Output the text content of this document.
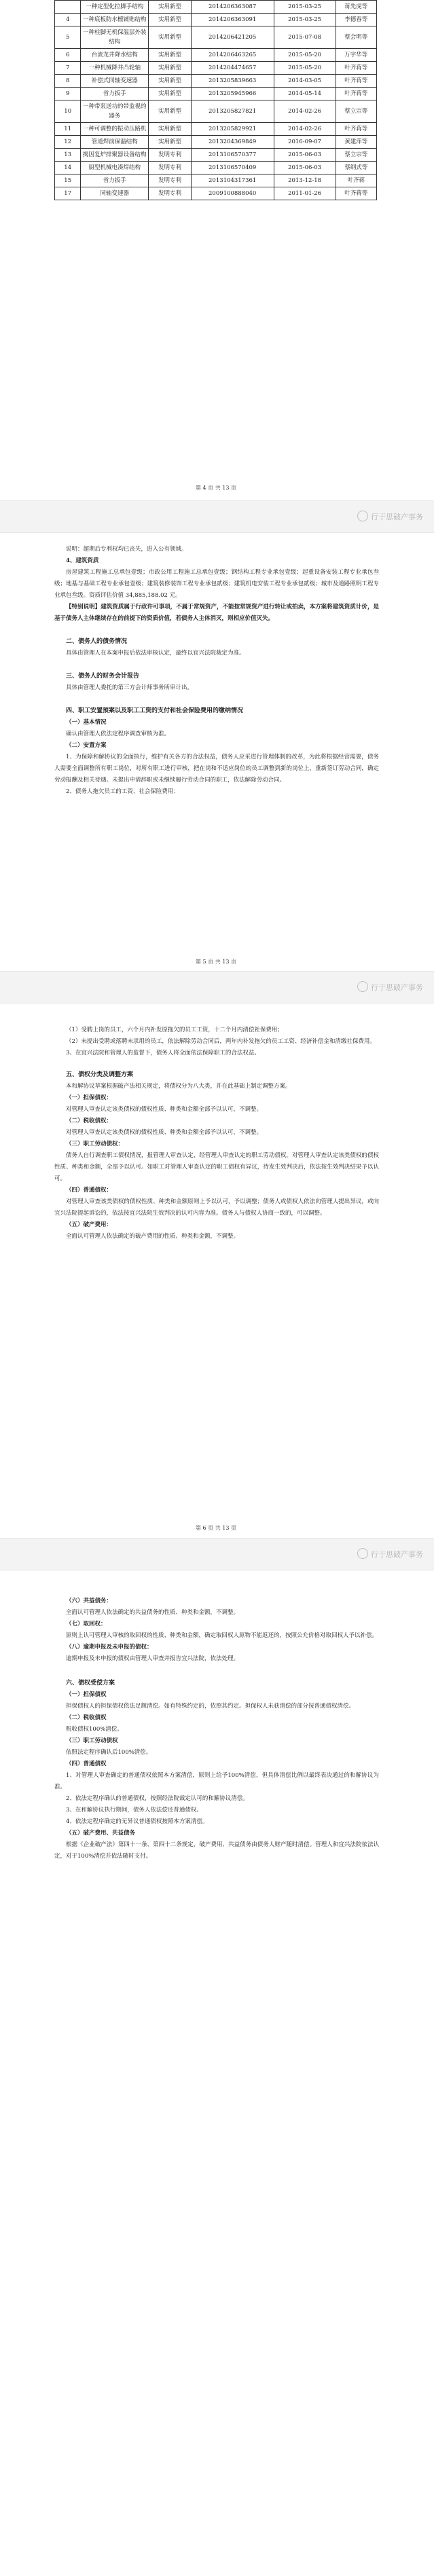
	一种定型化拉脚手结构	实用新型	2014206363087	2015-03-25	蒋先虎等
4	一种底板防水檩铺贴结构	实用新型	2014206363091	2015-03-25	李德春等
5	一种柱脚无机保温层外装结构	实用新型	2014206421205	2015-07-08	蔡会明等
6	台流龙井降水结构	实用新型	2014206463265	2015-05-20	万宇华等
7	一种机械降井凸轮轴	实用新型	2014204474657	2015-05-20	叶齐蒋等
8	补偿式同轴变速器	实用新型	2013205839663	2014-03-05	叶齐蒋等
9	省力扳手	实用新型	2013205945966	2014-05-14	叶齐蒋等
10	一种带泵送功的带监视的器务	实用新型	2013205827821	2014-02-26	蔡立宗等
11	一种可调整的振动压路机	实用新型	2013205829921	2014-02-26	叶齐蒋等
12	管道焊前保温结构	实用新型	2013204369849	2016-09-07	黄建萍等
13	揭因复炉排聚器设备结构	发明专利	2013106570377	2015-06-03	蔡立宗等
14	厨型机械电凑焊结构	发明专利	2013106570409	2015-06-03	蔡纲式等
15	省力扳手	发明专利	2013104317361	2013-12-18	叶齐蒋
17	同轴变速器	发明专利	2009100888040	2011-01-26	叶齐蒋等
第 4 页 共 13 页
行于思破产事务

说明：超期后专利权均已丧失，进入公有领域。

4、建筑资质

房屋建筑工程施工总承包壹级；市政公用工程施工总承包壹级；钢结构工程专业承包壹级；起重设备安装工程专业承包叁级；地基与基础工程专业承包壹级；建筑装修装饰工程专业承包贰级；建筑机电安装工程专业承包贰级；城市及道路照明工程专业承包叁级。资质评估价值 34,885,188.02 元。

【特别说明】建筑资质属于行政许可事项，不属于常规资产，不能按常规资产进行转让或拍卖，本方案将建筑资质计价，是基于债务人主体继续存在的前提下的资质价值，若债务人主体消灭，则相应价值灭失。

二、债务人的债务情况

具体由管理人在本案申报后依法审核认定，最终以宜兴法院裁定为准。

三、债务人的财务会计报告

具体由管理人委托的第三方会计师事务所审计出。

四、职工安置预案以及职工工资的支付和社会保险费用的缴纳情况

（一）基本情况

确认由管理人依法定程序调查审核为准。

（二）安置方案

1、为保障和解协议的全面执行，维护有关各方的合法权益，债务人应采进行管理体制的改革，为此将根据经营需要，债务人需要全面调整所有职工岗位，对所有职工进行审核，把在岗和不适应岗位的员工调整到新的岗位上，重新签订劳动合同，确定劳动报酬及相关待遇。未提出申请辞职或未继续履行劳动合同的职工，依法解除劳动合同。

2、债务人拖欠员工的工资、社会保险费用：

第 5 页 共 13 页
行于思破产事务

（1）受聘上岗的员工，六个月内补发原拖欠的员工工资，十二个月内清偿社保费用；

（2）未提出受聘或落聘未录用的员工，依法解除劳动合同后，两年内补发拖欠的员工工资、经济补偿金和清缴社保费用。

3、在宜兴法院和管理人的监督下，债务人将全面依法保障职工的合法权益。

五、债权分类及调整方案

本和解协议草案根据破产法相关规定，将债权分为八大类，并在此基础上制定调整方案。

（一）担保债权：

对管理人审查认定该类债权的债权性质、种类和金额全部予以认可，不调整。

（二）税收债权：

对管理人审查认定该类债权的债权性质、种类和金额全部予以认可，不调整。

（三）职工劳动债权：

债务人自行调查职工债权情况，报管理人审查认定，经管理人审查认定的职工劳动债权，对管理人审查认定该类债权的债权性质、种类和金额，全部予以认可。如职工对管理人审查认定的职工债权有异议，待发生效判决后，依法按生效判决结果予以认可。

（四）普通债权：

对管理人审查该类债权的债权性质、种类和金额原则上予以认可，予以调整；债务人或债权人依法向管理人提出异议，或向宜兴法院提起诉讼的，依法按宜兴法院生效判决的认可内容为准。债务人与债权人协商一致的，可以调整。

（五）破产费用：

全面认可管理人依法确定的破产费用的性质、种类和金额，不调整。

第 6 页 共 13 页
行于思破产事务

（六）共益债务：

全面认可管理人依法确定的共益债务的性质、种类和金额，不调整。

（七）取回权：

原则上认可管理人审核的取回权的性质、种类和金额，确定取回权人原物不能返还的，按照公允价格对取回权人予以补偿。

（八）逾期申报及未申报的债权：

逾期申报及未申报的债权由管理人审查并报告宜兴法院，依法处理。

六、债权受偿方案

（一）担保债权

担保债权人的担保债权依法足额清偿。如有特殊约定的，依照其约定。担保权人未获清偿的部分按普通债权清偿。

（二）税收债权

税收债权100%清偿。

（三）职工劳动债权

依照法定程序确认后100%清偿。

（四）普通债权

1、对管理人审查确定的普通债权依照本方案清偿，原则上给予100%清偿，但具体清偿比例以最终表决通过的和解协议为准。

2、依法定程序确认的普通债权，按照经法院裁定认可的和解协议清偿。

3、在和解协议执行期间，债务人依法偿还普通债权。

4、依法定程序确定的无异议普通债权按照本方案清偿。

（五）破产费用、共益债务

根据《企业破产法》第四十一条、第四十二条规定，破产费用、共益债务由债务人财产随时清偿。管理人和宜兴法院依法认定，对于100%清偿并依法随时支付。
